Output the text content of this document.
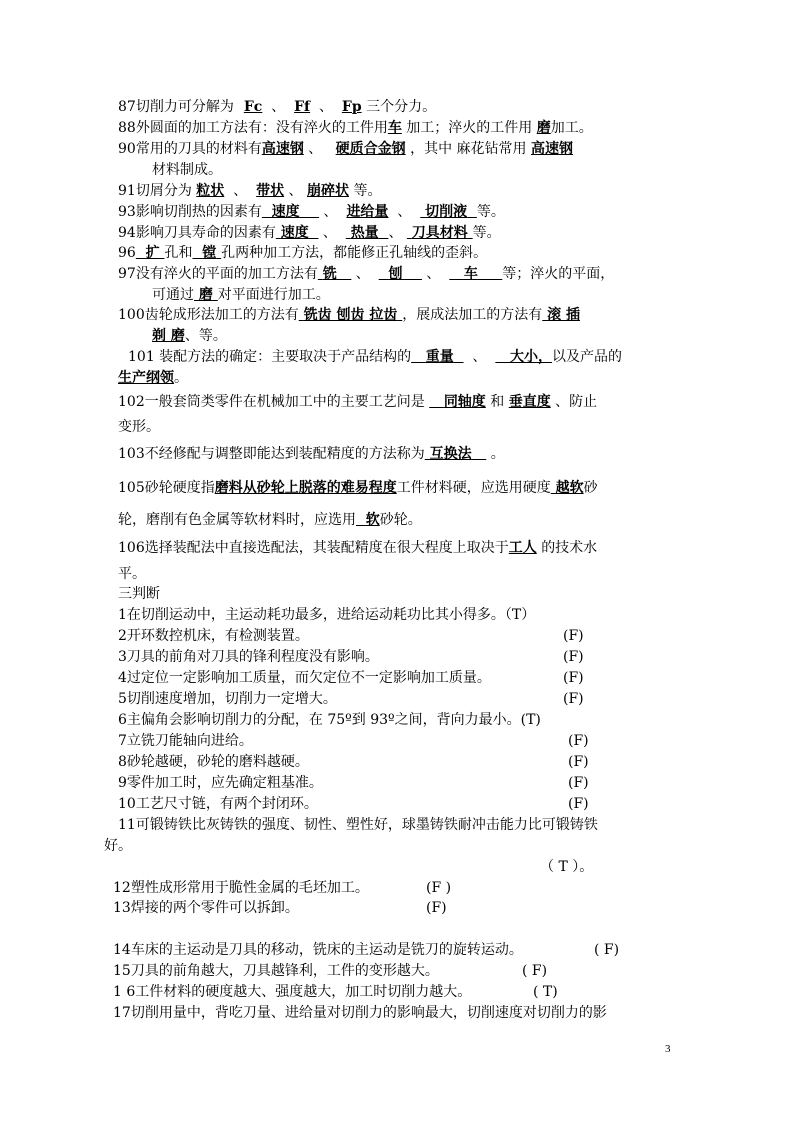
87切削力可分解为 Fc 、 Ff 、 Fp 三个分力。
88外圆面的加工方法有：没有淬火的工件用车 加工；淬火的工件用 磨加工。
90常用的刀具的材料有高速钢 、 硬质合金钢 ，其中 麻花钻常用 高速钢
材料制成。
91切屑分为 粒状 、 带状 、 崩碎状 等。
93影响切削热的因素有 速度 、 进给量 、 切削液 等。
94影响刀具寿命的因素有 速度 、 热量 、 刀具材料 等。
96 扩 孔和 镗 孔两种加工方法，都能修正孔轴线的歪斜。
97没有淬火的平面的加工方法有 铣 、 刨 、 车 等；淬火的平面，
可通过 磨 对平面进行加工。
100齿轮成形法加工的方法有 铣齿 刨齿 拉齿 ，展成法加工的方法有 滚 插
剃 磨、等。
101 装配方法的确定：主要取决于产品结构的 重量 、 大小，以及产品的
生产纲领。
102一般套筒类零件在机械加工中的主要工艺问是 同轴度 和 垂直度 、防止
变形。
103不经修配与调整即能达到装配精度的方法称为 互换法 。
105砂轮硬度指磨料从砂轮上脱落的难易程度工件材料硬，应选用硬度 越软砂
轮，磨削有色金属等软材料时，应选用 软砂轮。
106选择装配法中直接选配法，其装配精度在很大程度上取决于工人 的技术水
平。
三判断
1在切削运动中，主运动耗功最多，进给运动耗功比其小得多。（T）
2开环数控机床，有检测装置。	(F)
3刀具的前角对刀具的锋利程度没有影响。	(F)
4过定位一定影响加工质量，而欠定位不一定影响加工质量。	(F)
5切削速度增加，切削力一定增大。	(F)
6主偏角会影响切削力的分配，在 75º到 93º之间，背向力最小。(T)
7立铣刀能轴向进给。	(F)
8砂轮越硬，砂轮的磨料越硬。	(F)
9零件加工时，应先确定粗基准。	(F)
10工艺尺寸链，有两个封闭环。	(F)
11可锻铸铁比灰铸铁的强度、韧性、塑性好，球墨铸铁耐冲击能力比可锻铸铁
好。
（ T ）。
12塑性成形常用于脆性金属的毛坯加工。	(F )
13焊接的两个零件可以拆卸。	(F)
14车床的主运动是刀具的移动，铣床的主运动是铣刀的旋转运动。	( F)
15刀具的前角越大，刀具越锋利，工件的变形越大。	( F)
1 6工件材料的硬度越大、强度越大，加工时切削力越大。	( T)
17切削用量中，背吃刀量、进给量对切削力的影响最大，切削速度对切削力的影
3
